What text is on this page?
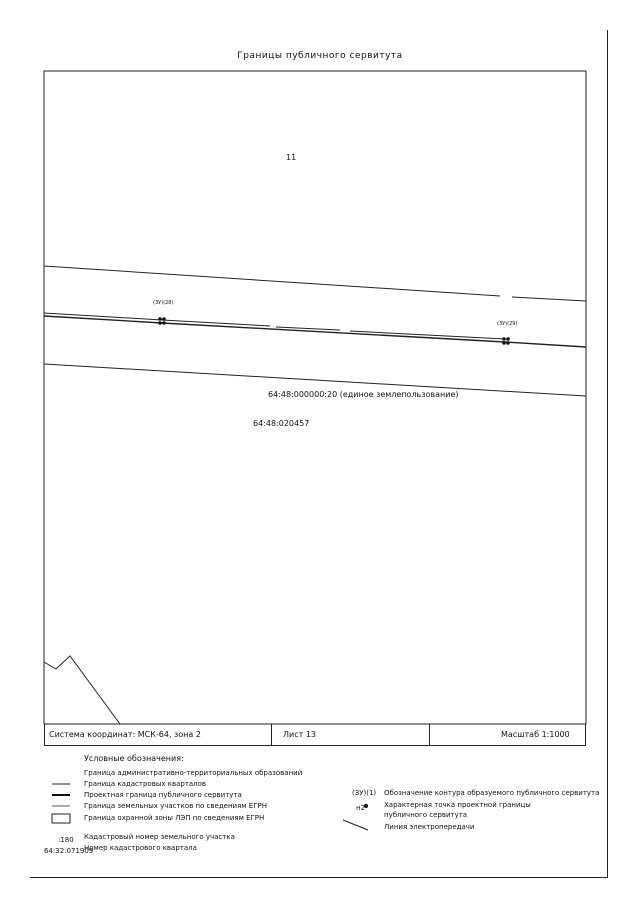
Границы публичного сервитута
11
(ЗУ)(28)
(ЗУ)(29)
64:48:000000:20 (единое землепользование)
64:48:020457
Система координат: МСК-64, зона 2	Лист 13	Масштаб 1:1000
Условные обозначения:
Граница административно-территориальных образований
Граница кадастровых кварталов
Проектная граница публичного сервитута
Граница земельных участков по сведениям ЕГРН
Граница охранной зоны ЛЭП по сведениям ЕГРН
Кадастровый номер земельного участка
Номер кадастрового квартала
:180
64:32:071909
(ЗУ)(1) Обозначение контура образуемого публичного сервитута
н2	Характерная точка проектной границы публичного сервитута
Линия электропередачи
